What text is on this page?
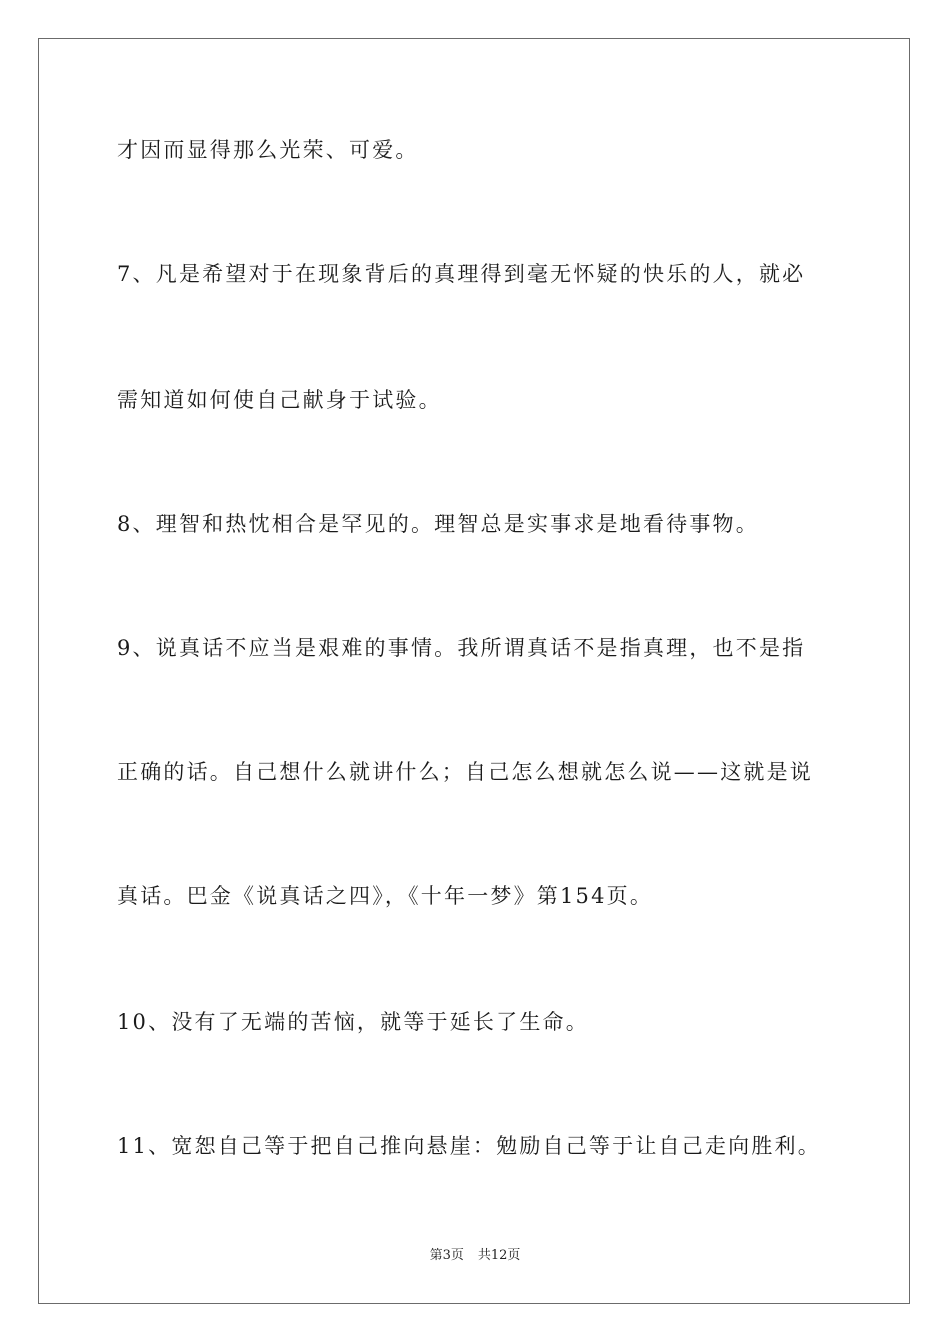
才因而显得那么光荣、可爱。
7、凡是希望对于在现象背后的真理得到毫无怀疑的快乐的人，就必
需知道如何使自己献身于试验。
8、理智和热忱相合是罕见的。理智总是实事求是地看待事物。
9、说真话不应当是艰难的事情。我所谓真话不是指真理，也不是指
正确的话。自己想什么就讲什么；自己怎么想就怎么说——这就是说
真话。巴金《说真话之四》，《十年一梦》第154页。
10、没有了无端的苦恼，就等于延长了生命。
11、宽恕自己等于把自己推向悬崖：勉励自己等于让自己走向胜利。
第3页 共12页
